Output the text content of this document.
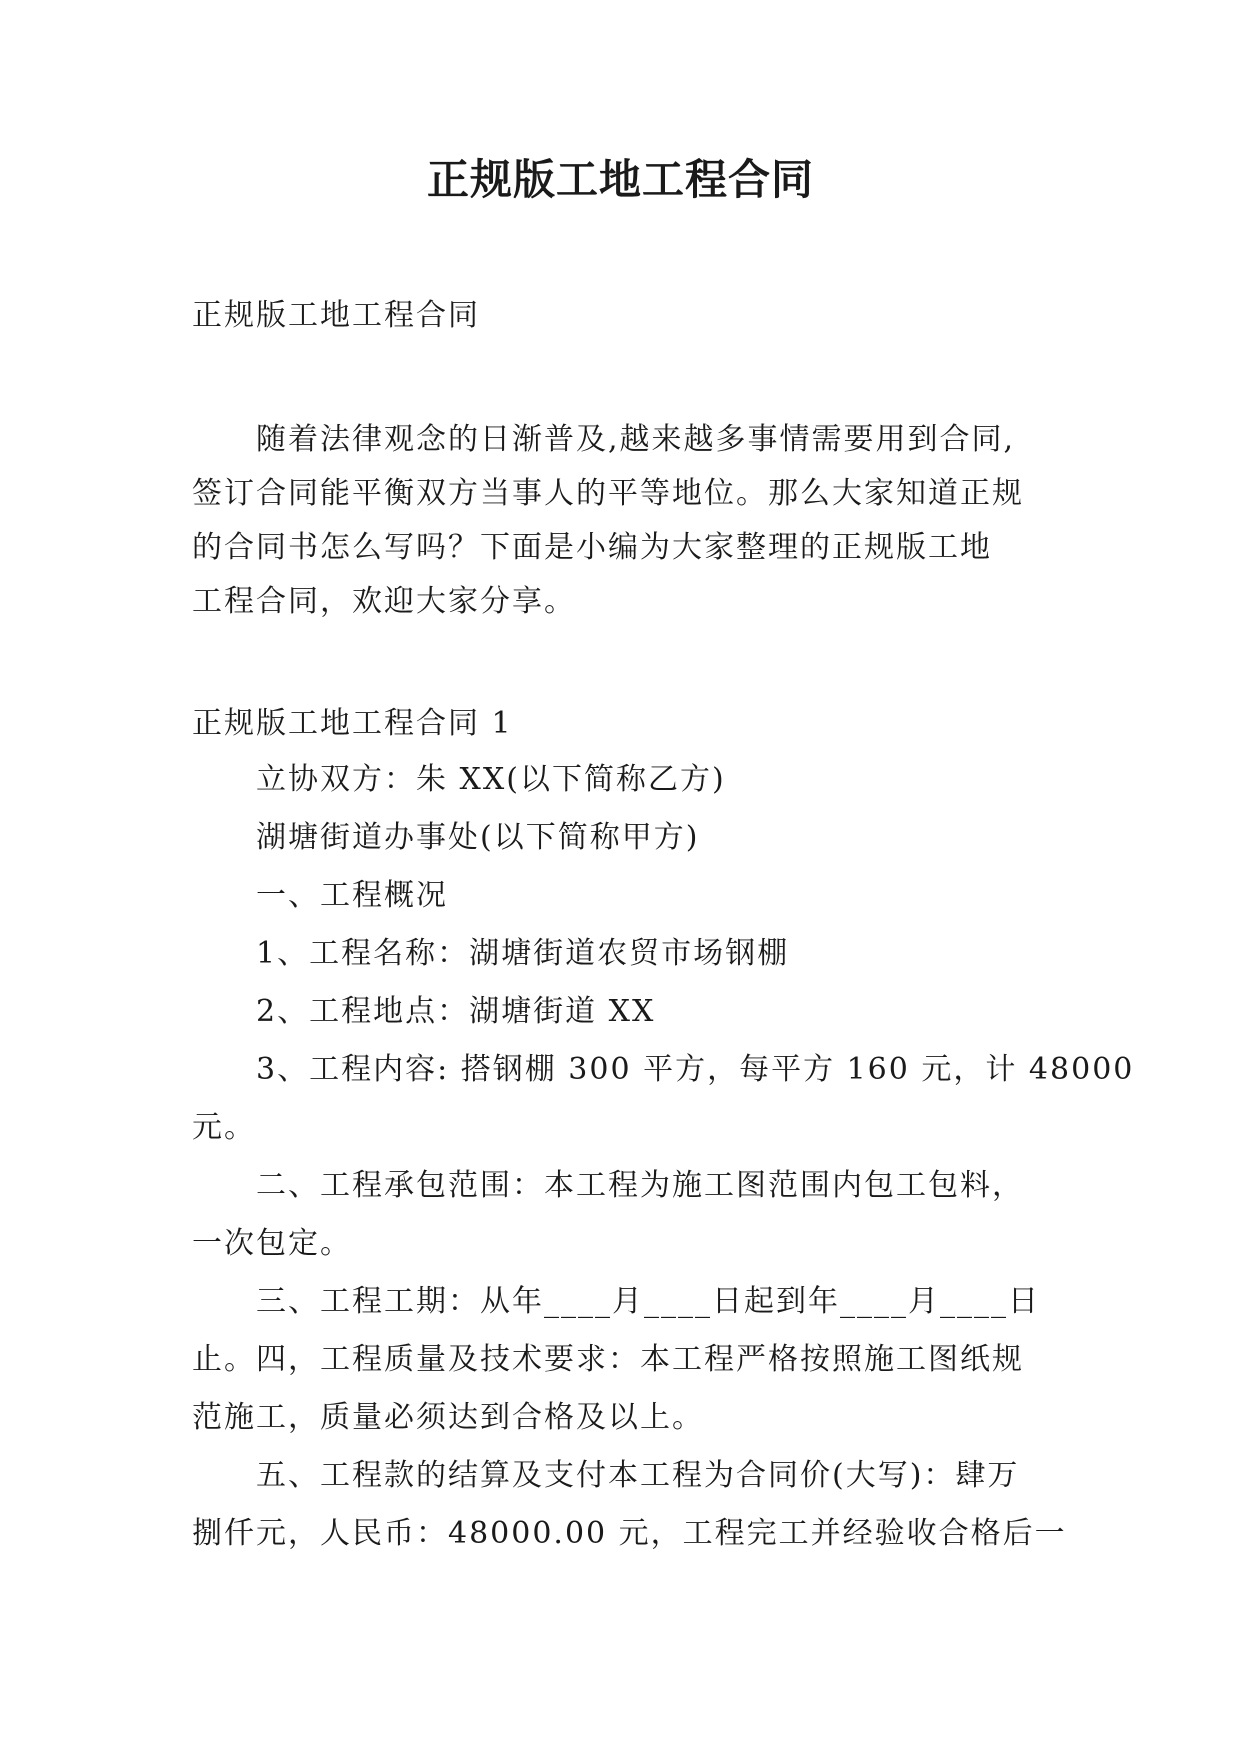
正规版工地工程合同
正规版工地工程合同
随着法律观念的日渐普及,越来越多事情需要用到合同,
签订合同能平衡双方当事人的平等地位。那么大家知道正规
的合同书怎么写吗？下面是小编为大家整理的正规版工地
工程合同，欢迎大家分享。
正规版工地工程合同 1
立协双方：朱 XX(以下简称乙方)
湖塘街道办事处(以下简称甲方)
一、工程概况
1、工程名称：湖塘街道农贸市场钢棚
2、工程地点：湖塘街道 XX
3、工程内容: 搭钢棚 300 平方，每平方 160 元，计 48000
元。
二、工程承包范围：本工程为施工图范围内包工包料，
一次包定。
三、工程工期：从年____月____日起到年____月____日
止。四，工程质量及技术要求：本工程严格按照施工图纸规
范施工，质量必须达到合格及以上。
五、工程款的结算及支付本工程为合同价(大写)：肆万
捌仟元，人民币：48000.00 元，工程完工并经验收合格后一
